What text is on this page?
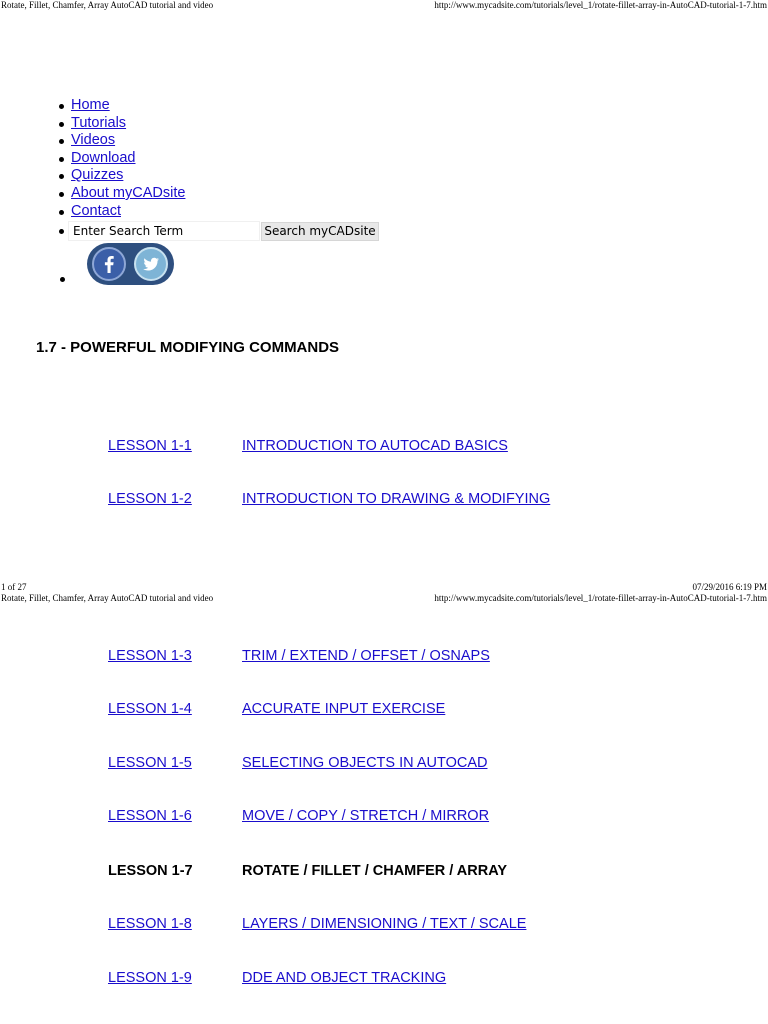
Rotate, Fillet, Chamfer, Array AutoCAD tutorial and video	http://www.mycadsite.com/tutorials/level_1/rotate-fillet-array-in-AutoCAD-tutorial-1-7.htm
Home
Tutorials
Videos
Download
Quizzes
About myCADsite
Contact
Enter Search Term
Search myCADsite
1.7 - POWERFUL MODIFYING COMMANDS
LESSON 1-1	INTRODUCTION TO AUTOCAD BASICS
LESSON 1-2	INTRODUCTION TO DRAWING & MODIFYING
1 of 27	07/29/2016 6:19 PM
Rotate, Fillet, Chamfer, Array AutoCAD tutorial and video	http://www.mycadsite.com/tutorials/level_1/rotate-fillet-array-in-AutoCAD-tutorial-1-7.htm
LESSON 1-3	TRIM / EXTEND / OFFSET / OSNAPS
LESSON 1-4	ACCURATE INPUT EXERCISE
LESSON 1-5	SELECTING OBJECTS IN AUTOCAD
LESSON 1-6	MOVE / COPY / STRETCH / MIRROR
LESSON 1-7	ROTATE / FILLET / CHAMFER / ARRAY
LESSON 1-8	LAYERS / DIMENSIONING / TEXT / SCALE
LESSON 1-9	DDE AND OBJECT TRACKING
